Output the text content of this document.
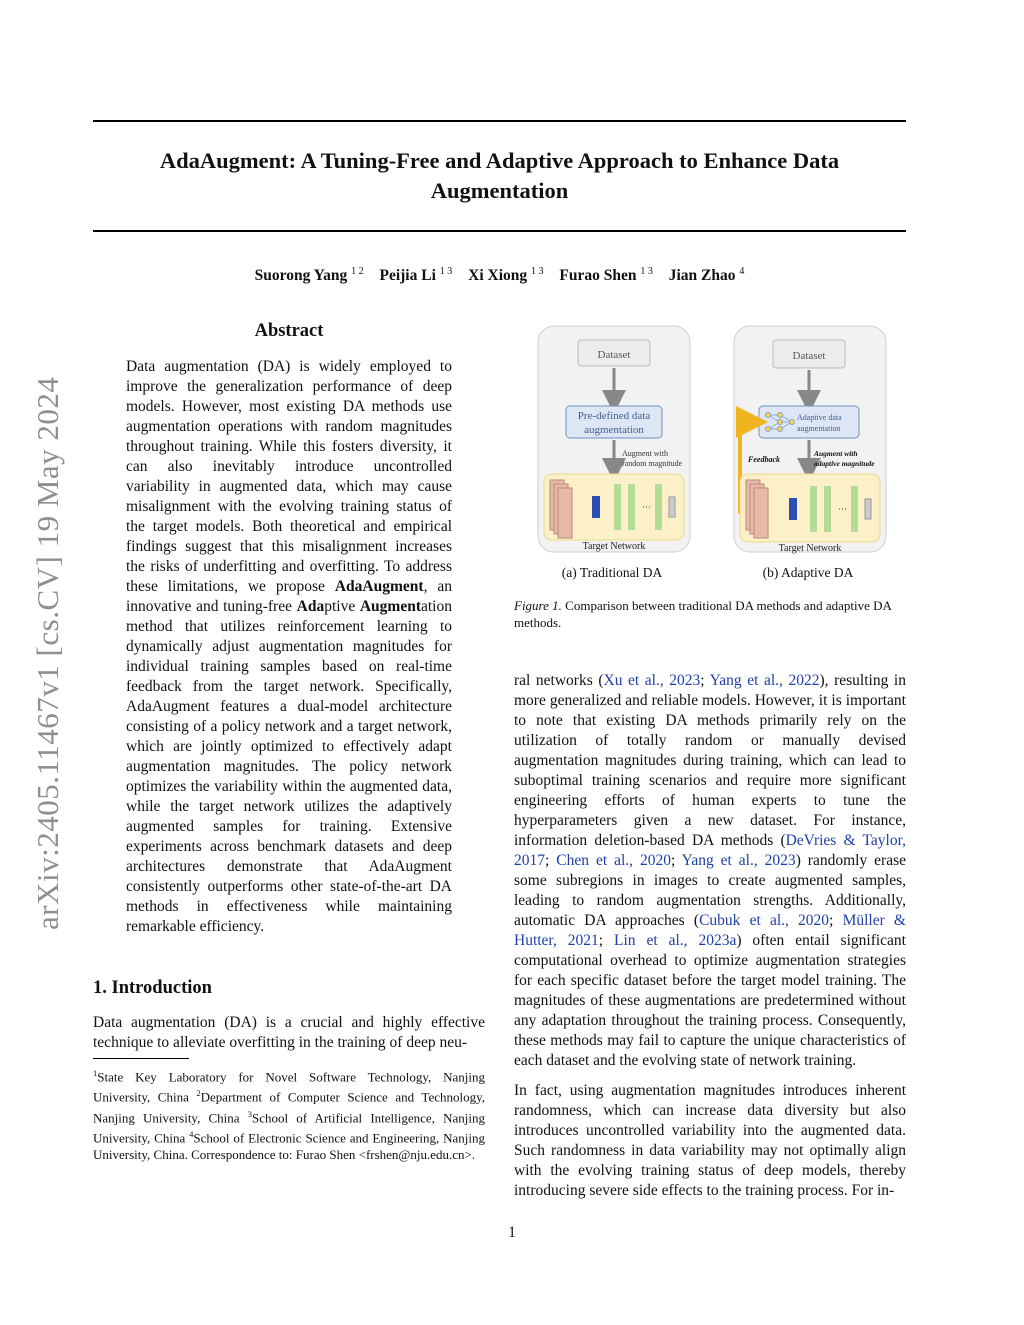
AdaAugment: A Tuning-Free and Adaptive Approach to Enhance Data Augmentation
Suorong Yang $^{1 2}$ Peijia Li $^{1 3}$ Xi Xiong $^{1 3}$ Furao Shen $^{1 3}$ Jian Zhao $^4$
arXiv:2405.11467v1 [cs.CV] 19 May 2024
Abstract
Data augmentation (DA) is widely employed to improve the generalization performance of deep models. However, most existing DA methods use augmentation operations with random magnitudes throughout training. While this fosters diversity, it can also inevitably introduce uncontrolled variability in augmented data, which may cause misalignment with the evolving training status of the target models. Both theoretical and empirical findings suggest that this misalignment increases the risks of underfitting and overfitting. To address these limitations, we propose AdaAugment, an innovative and tuning-free Adaptive Augmentation method that utilizes reinforcement learning to dynamically adjust augmentation magnitudes for individual training samples based on real-time feedback from the target network. Specifically, AdaAugment features a dual-model architecture consisting of a policy network and a target network, which are jointly optimized to effectively adapt augmentation magnitudes. The policy network optimizes the variability within the augmented data, while the target network utilizes the adaptively augmented samples for training. Extensive experiments across benchmark datasets and deep architectures demonstrate that AdaAugment consistently outperforms other state-of-the-art DA methods in effectiveness while maintaining remarkable efficiency.
1. Introduction
Data augmentation (DA) is a crucial and highly effective technique to alleviate overfitting in the training of deep neu-
$^1$State Key Laboratory for Novel Software Technology, Nanjing University, China $^2$Department of Computer Science and Technology, Nanjing University, China $^3$School of Artificial Intelligence, Nanjing University, China $^4$School of Electronic Science and Engineering, Nanjing University, China. Correspondence to: Furao Shen <frshen@nju.edu.cn>.
Dataset
Pre-defined data
augmentation
Augment with
random magnitude
···
Target Network
Dataset
Adaptive data
augmentation
Augment with
adaptive magnitude
Feedback
···
Target Network
(a) Traditional DA	(b) Adaptive DA
Figure 1. Comparison between traditional DA methods and adaptive DA methods.
ral networks (Xu et al., 2023; Yang et al., 2022), resulting in more generalized and reliable models. However, it is important to note that existing DA methods primarily rely on the utilization of totally random or manually devised augmentation magnitudes during training, which can lead to suboptimal training scenarios and require more significant engineering efforts of human experts to tune the hyperparameters given a new dataset. For instance, information deletion-based DA methods (DeVries & Taylor, 2017; Chen et al., 2020; Yang et al., 2023) randomly erase some subregions in images to create augmented samples, leading to random augmentation strengths. Additionally, automatic DA approaches (Cubuk et al., 2020; Müller & Hutter, 2021; Lin et al., 2023a) often entail significant computational overhead to optimize augmentation strategies for each specific dataset before the target model training. The magnitudes of these augmentations are predetermined without any adaptation throughout the training process. Consequently, these methods may fail to capture the unique characteristics of each dataset and the evolving state of network training.
In fact, using augmentation magnitudes introduces inherent randomness, which can increase data diversity but also introduces uncontrolled variability into the augmented data. Such randomness in data variability may not optimally align with the evolving training status of deep models, thereby introducing severe side effects to the training process. For in-
1
